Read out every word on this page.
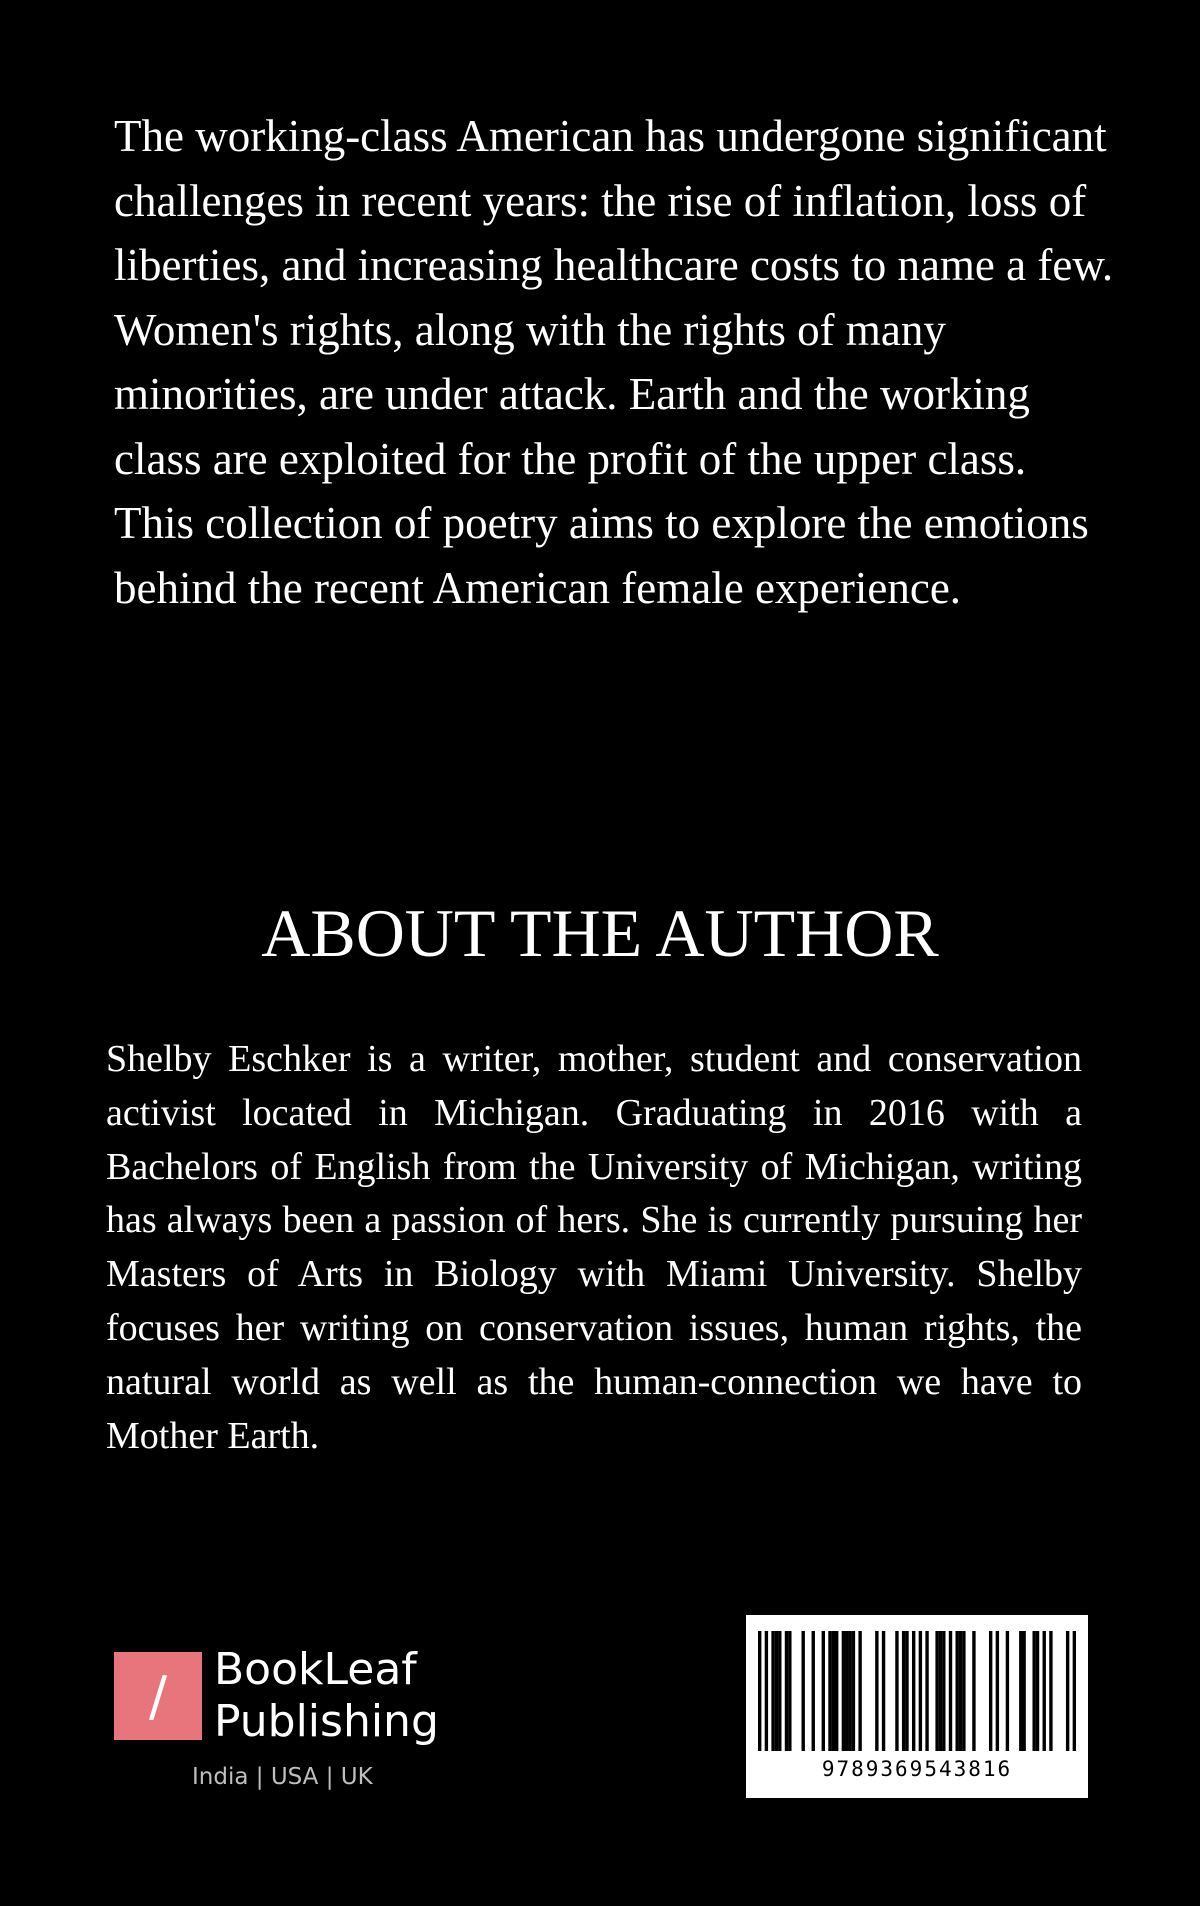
The working-class American has undergone significant challenges in recent years: the rise of inflation, loss of liberties, and increasing healthcare costs to name a few. Women's rights, along with the rights of many minorities, are under attack. Earth and the working class are exploited for the profit of the upper class. This collection of poetry aims to explore the emotions behind the recent American female experience.

ABOUT THE AUTHOR

Shelby Eschker is a writer, mother, student and conservation activist located in Michigan. Graduating in 2016 with a Bachelors of English from the University of Michigan, writing has always been a passion of hers. She is currently pursuing her Masters of Arts in Biology with Miami University. Shelby focuses her writing on conservation issues, human rights, the natural world as well as the human-connection we have to Mother Earth.

/	BookLeaf
Publishing
India | USA | UK	9789369543816
